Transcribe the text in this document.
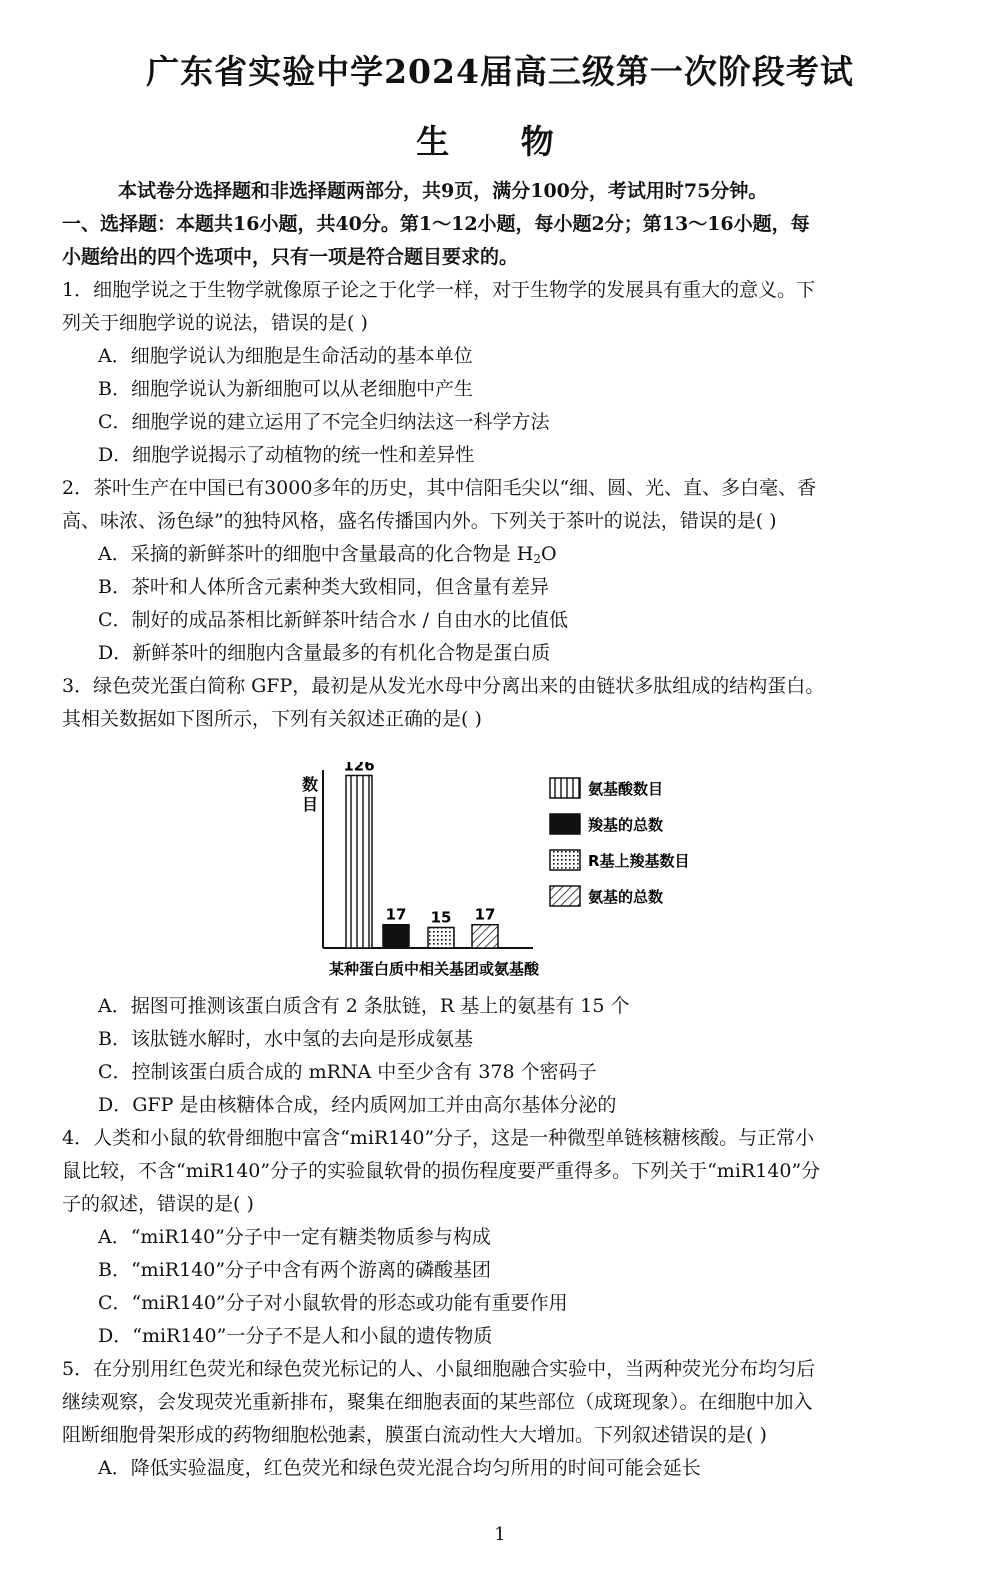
广东省实验中学2024届高三级第一次阶段考试
生 物
本试卷分选择题和非选择题两部分，共9页，满分100分，考试用时75分钟。
一、选择题：本题共16小题，共40分。第1～12小题，每小题2分；第13～16小题，每
小题给出的四个选项中，只有一项是符合题目要求的。
1．细胞学说之于生物学就像原子论之于化学一样，对于生物学的发展具有重大的意义。下
列关于细胞学说的说法，错误的是( )
A．细胞学说认为细胞是生命活动的基本单位
B．细胞学说认为新细胞可以从老细胞中产生
C．细胞学说的建立运用了不完全归纳法这一科学方法
D．细胞学说揭示了动植物的统一性和差异性
2．茶叶生产在中国已有3000多年的历史，其中信阳毛尖以“细、圆、光、直、多白毫、香
高、味浓、汤色绿”的独特风格，盛名传播国内外。下列关于茶叶的说法，错误的是( )
A．采摘的新鲜茶叶的细胞中含量最高的化合物是 $H_2O$
B．茶叶和人体所含元素种类大致相同，但含量有差异
C．制好的成品茶相比新鲜茶叶结合水 / 自由水的比值低
D．新鲜茶叶的细胞内含量最多的有机化合物是蛋白质
3．绿色荧光蛋白简称 GFP，最初是从发光水母中分离出来的由链状多肽组成的结构蛋白。
其相关数据如下图所示，下列有关叙述正确的是( )
数
目
126
17 15 17
某种蛋白质中相关基团或氨基酸
氨基酸数目
羧基的总数
R基上羧基数目
氨基的总数
A．据图可推测该蛋白质含有 2 条肽链，R 基上的氨基有 15 个
B．该肽链水解时，水中氢的去向是形成氨基
C．控制该蛋白质合成的 mRNA 中至少含有 378 个密码子
D．GFP 是由核糖体合成，经内质网加工并由高尔基体分泌的
4．人类和小鼠的软骨细胞中富含“miR140”分子，这是一种微型单链核糖核酸。与正常小
鼠比较，不含“miR140”分子的实验鼠软骨的损伤程度要严重得多。下列关于“miR140”分
子的叙述，错误的是( )
A．“miR140”分子中一定有糖类物质参与构成
B．“miR140”分子中含有两个游离的磷酸基团
C．“miR140”分子对小鼠软骨的形态或功能有重要作用
D．“miR140”一分子不是人和小鼠的遗传物质
5．在分别用红色荧光和绿色荧光标记的人、小鼠细胞融合实验中，当两种荧光分布均匀后
继续观察，会发现荧光重新排布，聚集在细胞表面的某些部位（成斑现象）。在细胞中加入
阻断细胞骨架形成的药物细胞松弛素，膜蛋白流动性大大增加。下列叙述错误的是( )
A．降低实验温度，红色荧光和绿色荧光混合均匀所用的时间可能会延长
1
